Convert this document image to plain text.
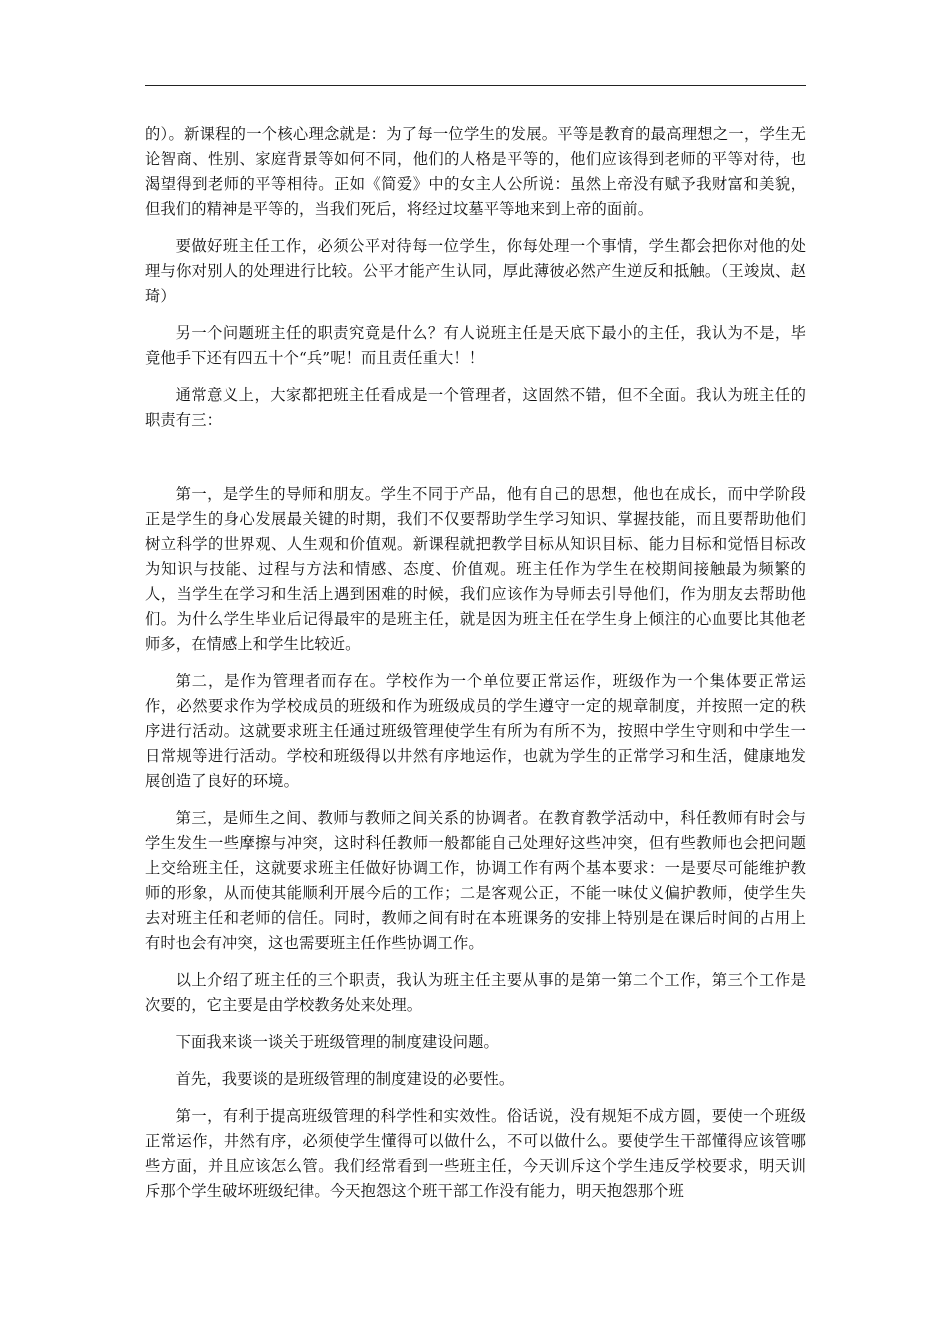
的）。新课程的一个核心理念就是：为了每一位学生的发展。平等是教育的最高理想之一，学生无论智商、性别、家庭背景等如何不同，他们的人格是平等的，他们应该得到老师的平等对待，也渴望得到老师的平等相待。正如《简爱》中的女主人公所说：虽然上帝没有赋予我财富和美貌，但我们的精神是平等的，当我们死后，将经过坟墓平等地来到上帝的面前。

要做好班主任工作，必须公平对待每一位学生，你每处理一个事情，学生都会把你对他的处理与你对别人的处理进行比较。公平才能产生认同，厚此薄彼必然产生逆反和抵触。（王竣岚、赵琦）

另一个问题班主任的职责究竟是什么？有人说班主任是天底下最小的主任，我认为不是，毕竟他手下还有四五十个“兵”呢！而且责任重大！！

通常意义上，大家都把班主任看成是一个管理者，这固然不错，但不全面。我认为班主任的职责有三：

第一，是学生的导师和朋友。学生不同于产品，他有自己的思想，他也在成长，而中学阶段正是学生的身心发展最关键的时期，我们不仅要帮助学生学习知识、掌握技能，而且要帮助他们树立科学的世界观、人生观和价值观。新课程就把教学目标从知识目标、能力目标和觉悟目标改为知识与技能、过程与方法和情感、态度、价值观。班主任作为学生在校期间接触最为频繁的人，当学生在学习和生活上遇到困难的时候，我们应该作为导师去引导他们，作为朋友去帮助他们。为什么学生毕业后记得最牢的是班主任，就是因为班主任在学生身上倾注的心血要比其他老师多，在情感上和学生比较近。

第二，是作为管理者而存在。学校作为一个单位要正常运作，班级作为一个集体要正常运作，必然要求作为学校成员的班级和作为班级成员的学生遵守一定的规章制度，并按照一定的秩序进行活动。这就要求班主任通过班级管理使学生有所为有所不为，按照中学生守则和中学生一日常规等进行活动。学校和班级得以井然有序地运作，也就为学生的正常学习和生活，健康地发展创造了良好的环境。

第三，是师生之间、教师与教师之间关系的协调者。在教育教学活动中，科任教师有时会与学生发生一些摩擦与冲突，这时科任教师一般都能自己处理好这些冲突，但有些教师也会把问题上交给班主任，这就要求班主任做好协调工作，协调工作有两个基本要求：一是要尽可能维护教师的形象，从而使其能顺利开展今后的工作；二是客观公正，不能一味仗义偏护教师，使学生失去对班主任和老师的信任。同时，教师之间有时在本班课务的安排上特别是在课后时间的占用上有时也会有冲突，这也需要班主任作些协调工作。

以上介绍了班主任的三个职责，我认为班主任主要从事的是第一第二个工作，第三个工作是次要的，它主要是由学校教务处来处理。

下面我来谈一谈关于班级管理的制度建设问题。

首先，我要谈的是班级管理的制度建设的必要性。

第一，有利于提高班级管理的科学性和实效性。俗话说，没有规矩不成方圆，要使一个班级正常运作，井然有序，必须使学生懂得可以做什么，不可以做什么。要使学生干部懂得应该管哪些方面，并且应该怎么管。我们经常看到一些班主任，今天训斥这个学生违反学校要求，明天训斥那个学生破坏班级纪律。今天抱怨这个班干部工作没有能力，明天抱怨那个班
